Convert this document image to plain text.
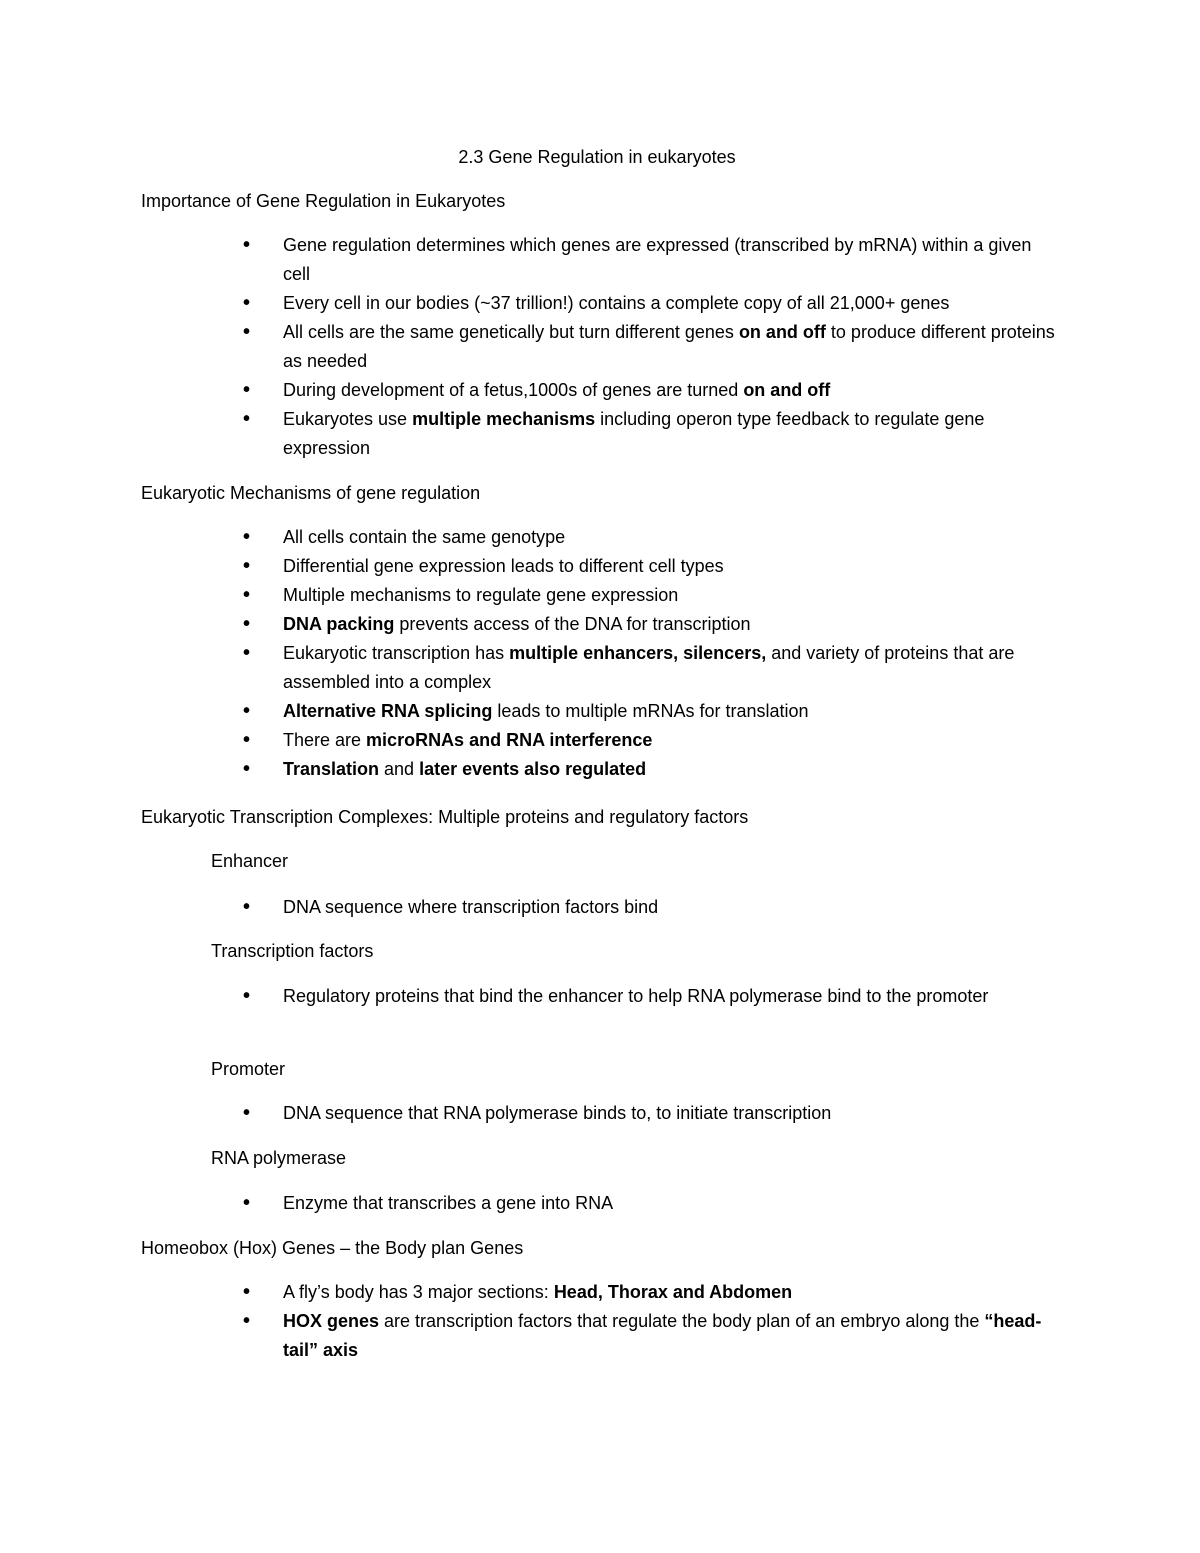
2.3 Gene Regulation in eukaryotes
Importance of Gene Regulation in Eukaryotes
• Gene regulation determines which genes are expressed (transcribed by mRNA) within a given cell
• Every cell in our bodies (~37 trillion!) contains a complete copy of all 21,000+ genes
• All cells are the same genetically but turn different genes on and off to produce different proteins as needed
• During development of a fetus,1000s of genes are turned on and off
• Eukaryotes use multiple mechanisms including operon type feedback to regulate gene expression
Eukaryotic Mechanisms of gene regulation
• All cells contain the same genotype
• Differential gene expression leads to different cell types
• Multiple mechanisms to regulate gene expression
• DNA packing prevents access of the DNA for transcription
• Eukaryotic transcription has multiple enhancers, silencers, and variety of proteins that are assembled into a complex
• Alternative RNA splicing leads to multiple mRNAs for translation
• There are microRNAs and RNA interference
• Translation and later events also regulated
Eukaryotic Transcription Complexes: Multiple proteins and regulatory factors
Enhancer
• DNA sequence where transcription factors bind
Transcription factors
• Regulatory proteins that bind the enhancer to help RNA polymerase bind to the promoter
Promoter
• DNA sequence that RNA polymerase binds to, to initiate transcription
RNA polymerase
• Enzyme that transcribes a gene into RNA
Homeobox (Hox) Genes – the Body plan Genes
• A fly’s body has 3 major sections: Head, Thorax and Abdomen
• HOX genes are transcription factors that regulate the body plan of an embryo along the “head-tail” axis
